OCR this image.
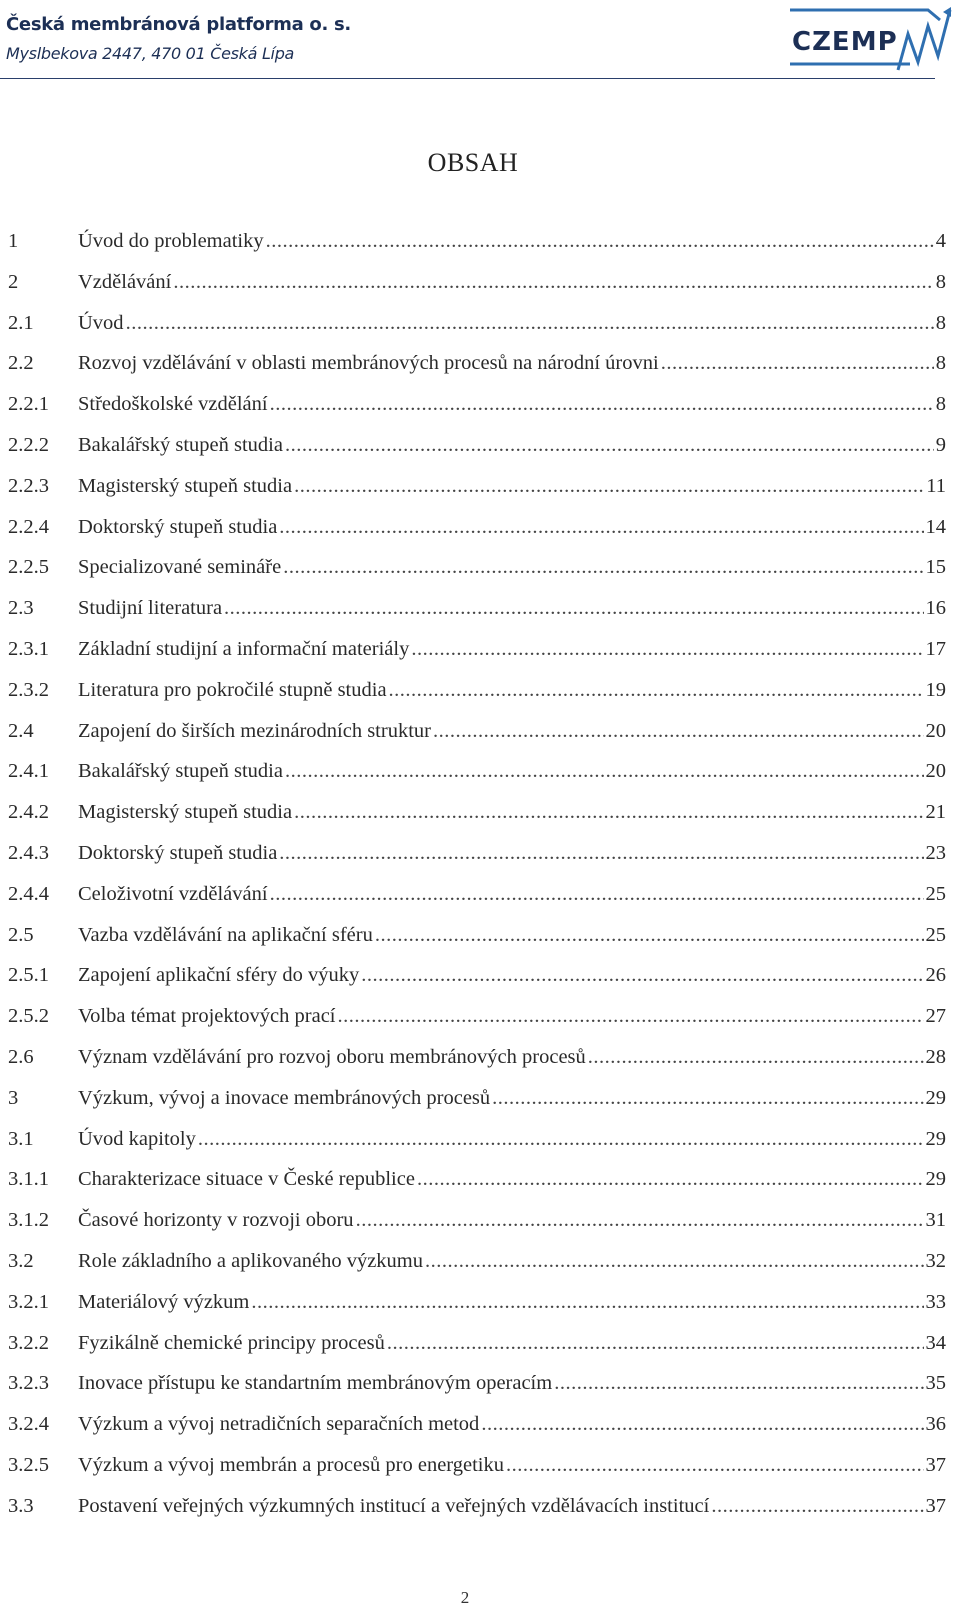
Česká membránová platforma o. s.
Myslbekova 2447, 470 01 Česká Lípa	CZEMP
OBSAH
1	Úvod do problematiky .....	4
2	Vzdělávání .....	8
2.1	Úvod .....	8
2.2	Rozvoj vzdělávání v oblasti membránových procesů na národní úrovni .....	8
2.2.1	Středoškolské vzdělání .....	8
2.2.2	Bakalářský stupeň studia .....	9
2.2.3	Magisterský stupeň studia .....	11
2.2.4	Doktorský stupeň studia .....	14
2.2.5	Specializované semináře .....	15
2.3	Studijní literatura .....	16
2.3.1	Základní studijní a informační materiály .....	17
2.3.2	Literatura pro pokročilé stupně studia .....	19
2.4	Zapojení do širších mezinárodních struktur .....	20
2.4.1	Bakalářský stupeň studia .....	20
2.4.2	Magisterský stupeň studia .....	21
2.4.3	Doktorský stupeň studia .....	23
2.4.4	Celoživotní vzdělávání .....	25
2.5	Vazba vzdělávání na aplikační sféru .....	25
2.5.1	Zapojení aplikační sféry do výuky .....	26
2.5.2	Volba témat projektových prací .....	27
2.6	Význam vzdělávání pro rozvoj oboru membránových procesů .....	28
3	Výzkum, vývoj a inovace membránových procesů .....	29
3.1	Úvod kapitoly .....	29
3.1.1	Charakterizace situace v České republice .....	29
3.1.2	Časové horizonty v rozvoji oboru .....	31
3.2	Role základního a aplikovaného výzkumu .....	32
3.2.1	Materiálový výzkum .....	33
3.2.2	Fyzikálně chemické principy procesů .....	34
3.2.3	Inovace přístupu ke standartním membránovým operacím .....	35
3.2.4	Výzkum a vývoj netradičních separačních metod .....	36
3.2.5	Výzkum a vývoj membrán a procesů pro energetiku .....	37
3.3	Postavení veřejných výzkumných institucí a veřejných vzdělávacích institucí .....	37
2
